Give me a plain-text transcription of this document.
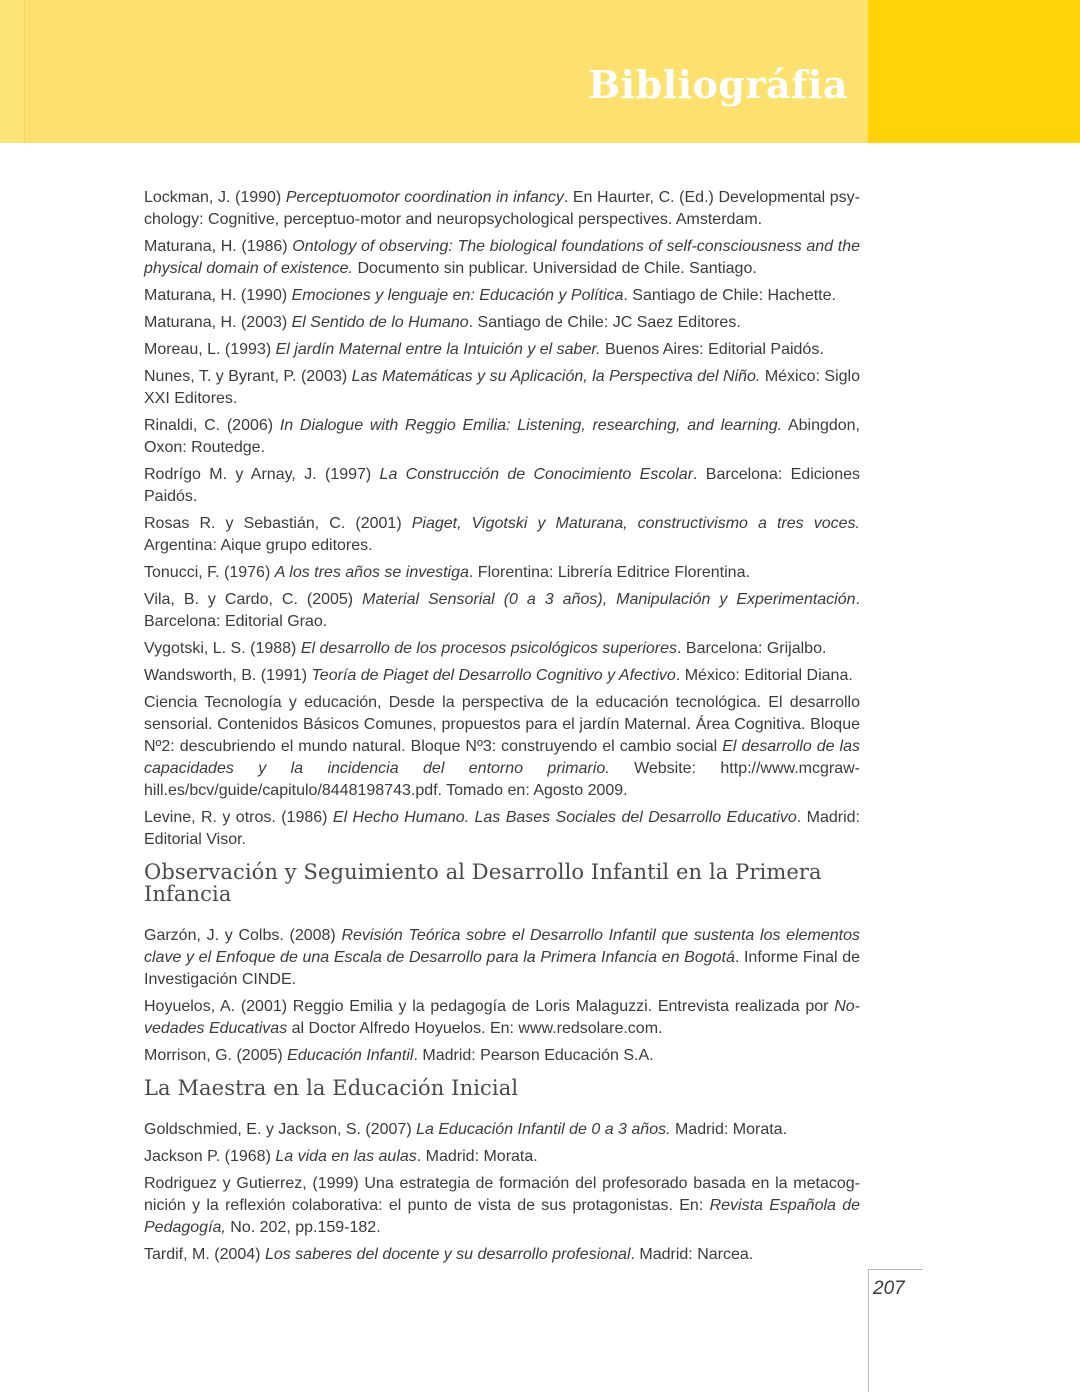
Bibliográfia

Lockman, J. (1990) Perceptuomotor coordination in infancy. En Haurter, C. (Ed.) Developmental psychology: Cognitive, perceptuo-motor and neuropsychological perspectives. Amsterdam.

Maturana, H. (1986) Ontology of observing: The biological foundations of self-consciousness and the physical domain of existence. Documento sin publicar. Universidad de Chile. Santiago.

Maturana, H. (1990) Emociones y lenguaje en: Educación y Política. Santiago de Chile: Hachette.

Maturana, H. (2003) El Sentido de lo Humano. Santiago de Chile: JC Saez Editores.

Moreau, L. (1993) El jardín Maternal entre la Intuición y el saber. Buenos Aires: Editorial Paidós.

Nunes, T. y Byrant, P. (2003) Las Matemáticas y su Aplicación, la Perspectiva del Niño. México: Siglo XXI Editores.

Rinaldi, C. (2006) In Dialogue with Reggio Emilia: Listening, researching, and learning. Abingdon, Oxon: Routedge.

Rodrígo M. y Arnay, J. (1997) La Construcción de Conocimiento Escolar. Barcelona: Ediciones Paidós.

Rosas R. y Sebastián, C. (2001) Piaget, Vigotski y Maturana, constructivismo a tres voces. Argentina: Aique grupo editores.

Tonucci, F. (1976) A los tres años se investiga. Florentina: Librería Editrice Florentina.

Vila, B. y Cardo, C. (2005) Material Sensorial (0 a 3 años), Manipulación y Experimentación. Barcelona: Editorial Grao.

Vygotski, L. S. (1988) El desarrollo de los procesos psicológicos superiores. Barcelona: Grijalbo.

Wandsworth, B. (1991) Teoría de Piaget del Desarrollo Cognitivo y Afectivo. México: Editorial Diana.

Ciencia Tecnología y educación, Desde la perspectiva de la educación tecnológica. El desarrollo sensorial. Contenidos Básicos Comunes, propuestos para el jardín Maternal. Área Cognitiva. Bloque Nº2: descubriendo el mundo natural. Bloque Nº3: construyendo el cambio social El desarrollo de las capacidades y la incidencia del entorno primario. Website: http://www.mcgraw-hill.es/bcv/guide/capitulo/8448198743.pdf. Tomado en: Agosto 2009.

Levine, R. y otros. (1986) El Hecho Humano. Las Bases Sociales del Desarrollo Educativo. Madrid: Editorial Visor.

Observación y Seguimiento al Desarrollo Infantil en la Primera Infancia

Garzón, J. y Colbs. (2008) Revisión Teórica sobre el Desarrollo Infantil que sustenta los elementos clave y el Enfoque de una Escala de Desarrollo para la Primera Infancia en Bogotá. Informe Final de Investigación CINDE.

Hoyuelos, A. (2001) Reggio Emilia y la pedagogía de Loris Malaguzzi. Entrevista realizada por Novedades Educativas al Doctor Alfredo Hoyuelos. En: www.redsolare.com.

Morrison, G. (2005) Educación Infantil. Madrid: Pearson Educación S.A.

La Maestra en la Educación Inicial

Goldschmied, E. y Jackson, S. (2007) La Educación Infantil de 0 a 3 años. Madrid: Morata.

Jackson P. (1968) La vida en las aulas. Madrid: Morata.

Rodriguez y Gutierrez, (1999) Una estrategia de formación del profesorado basada en la metacognición y la reflexión colaborativa: el punto de vista de sus protagonistas. En: Revista Española de Pedagogía, No. 202, pp.159-182.

Tardif, M. (2004) Los saberes del docente y su desarrollo profesional. Madrid: Narcea.

207
